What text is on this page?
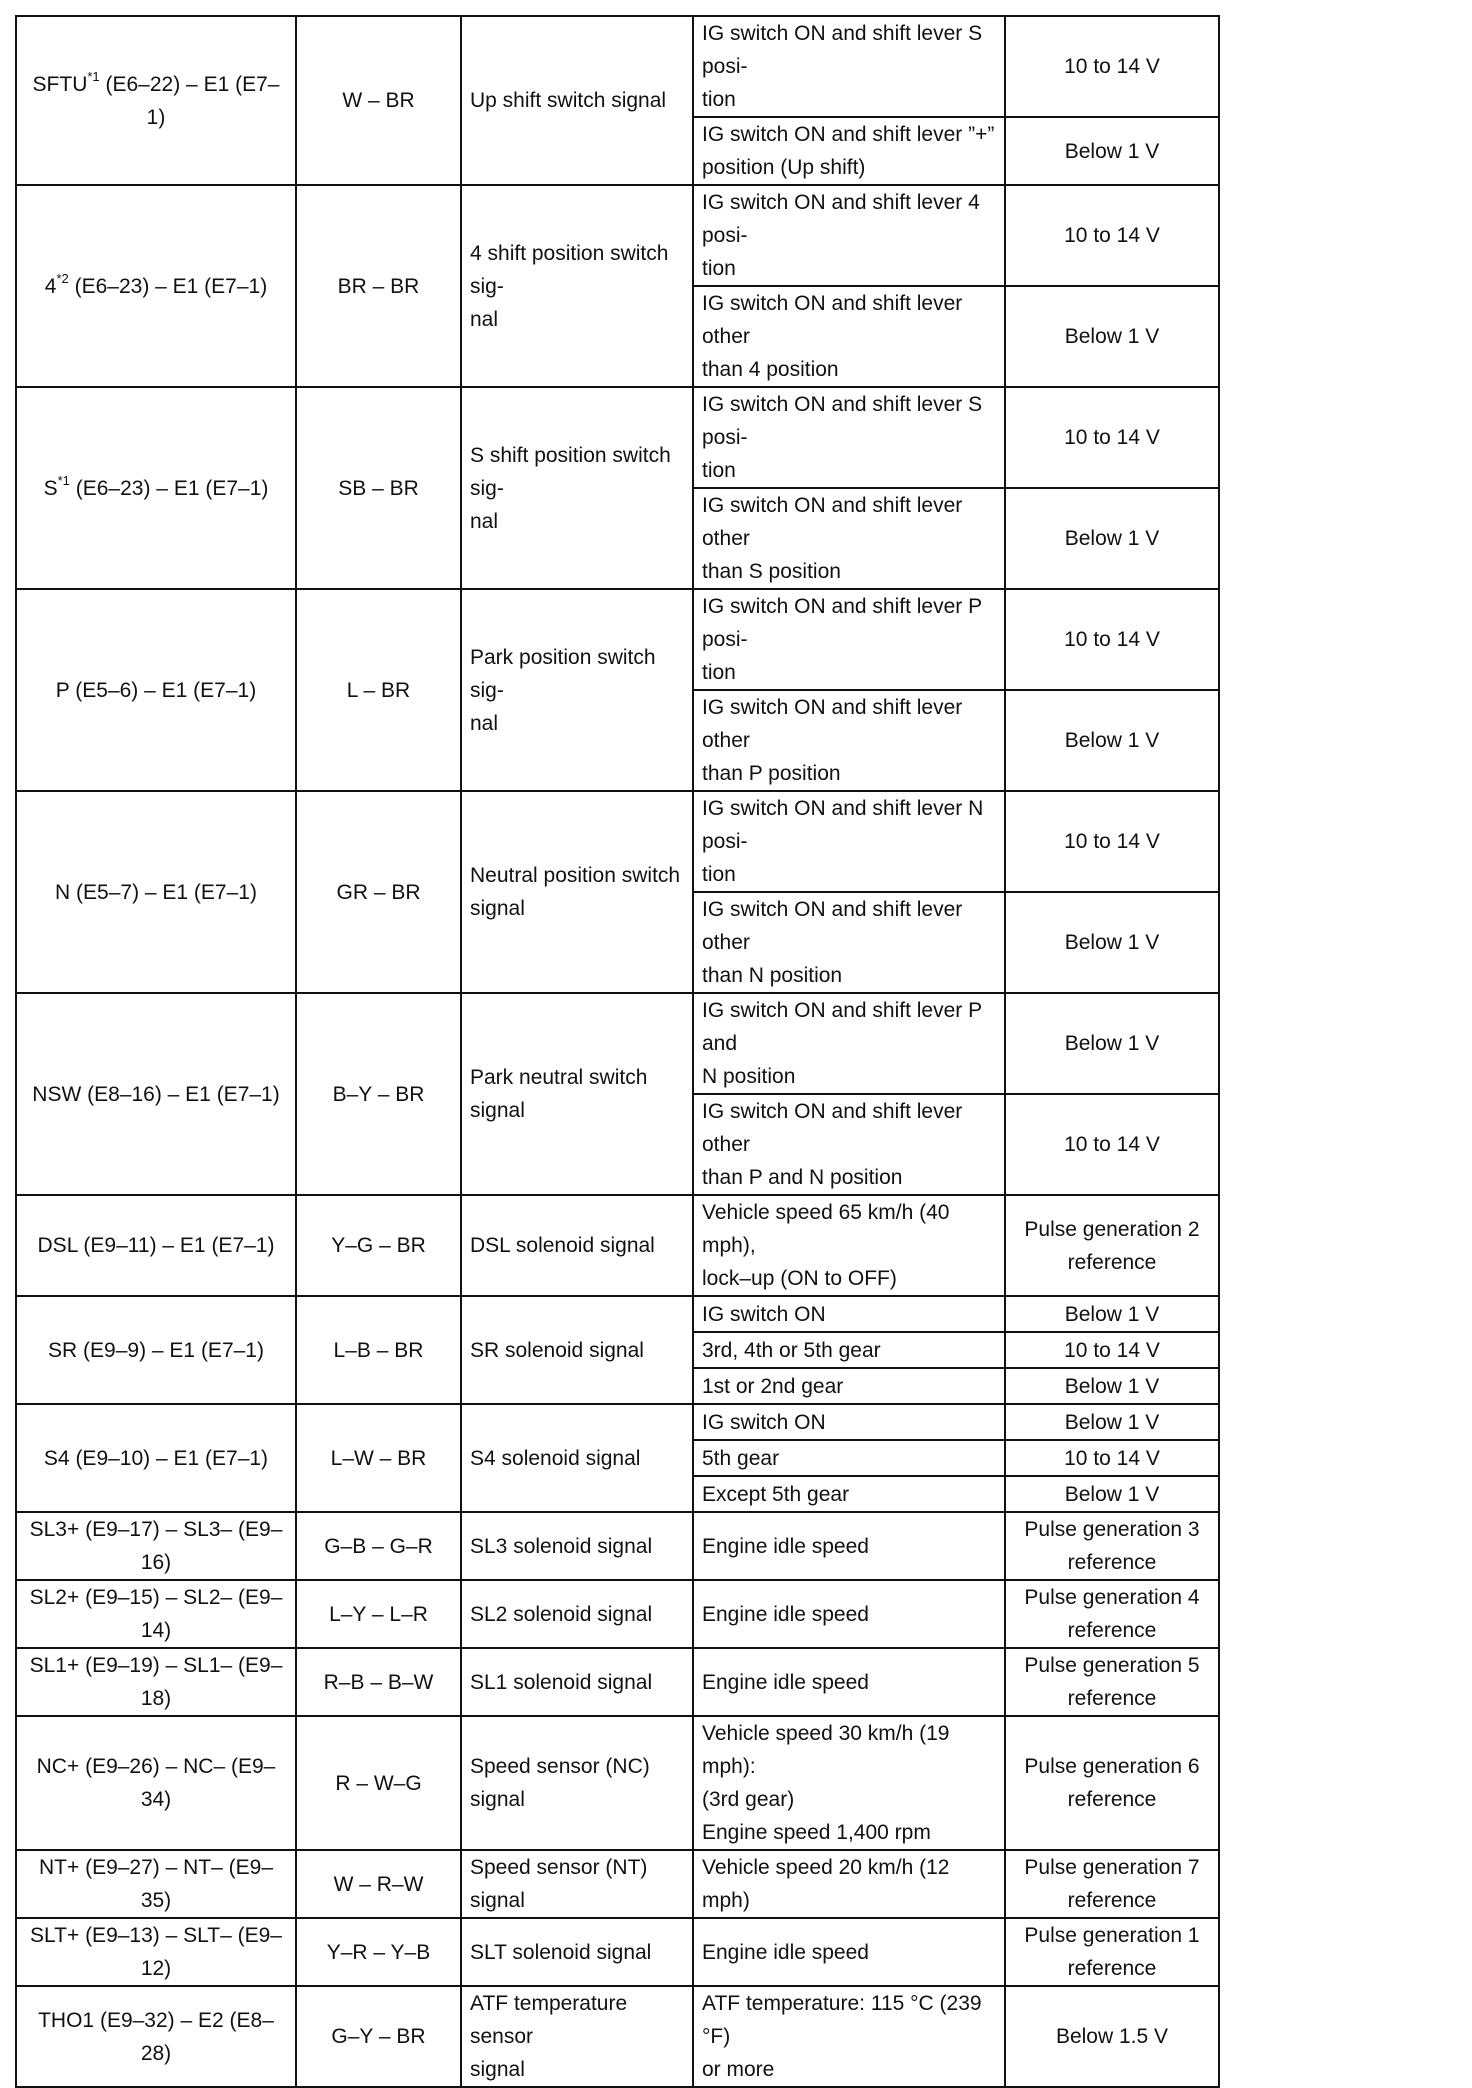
SFTU$^{*1}$ (E6–22) – E1 (E7–1)	W – BR	Up shift switch signal	IG switch ON and shift lever S posi-
tion	10 to 14 V

			IG switch ON and shift lever ”+”
position (Up shift)	Below 1 V

4$^{*2}$ (E6–23) – E1 (E7–1)	BR – BR	4 shift position switch sig-
nal	IG switch ON and shift lever 4 posi-
tion	10 to 14 V

			IG switch ON and shift lever other
than 4 position	Below 1 V

$S^{*1}$ (E6–23) – E1 (E7–1)	SB – BR	S shift position switch sig-
nal	IG switch ON and shift lever S posi-
tion	10 to 14 V

			IG switch ON and shift lever other
than S position	Below 1 V

P (E5–6) – E1 (E7–1)	L – BR	Park position switch sig-
nal	IG switch ON and shift lever P posi-
tion	10 to 14 V

			IG switch ON and shift lever other
than P position	Below 1 V

N (E5–7) – E1 (E7–1)	GR – BR	Neutral position switch
signal	IG switch ON and shift lever N posi-
tion	10 to 14 V

			IG switch ON and shift lever other
than N position	Below 1 V

NSW (E8–16) – E1 (E7–1)	B–Y – BR	Park neutral switch signal	IG switch ON and shift lever P and
N position	Below 1 V

			IG switch ON and shift lever other
than P and N position	10 to 14 V

DSL (E9–11) – E1 (E7–1)	Y–G – BR	DSL solenoid signal	Vehicle speed 65 km/h (40 mph),
lock–up (ON to OFF)	Pulse generation 2
reference

SR (E9–9) – E1 (E7–1)	L–B – BR	SR solenoid signal	IG switch ON	Below 1 V

			3rd, 4th or 5th gear	10 to 14 V

			1st or 2nd gear	Below 1 V

S4 (E9–10) – E1 (E7–1)	L–W – BR	S4 solenoid signal	IG switch ON	Below 1 V

			5th gear	10 to 14 V

			Except 5th gear	Below 1 V

SL3+ (E9–17) – SL3– (E9–16)	G–B – G–R	SL3 solenoid signal	Engine idle speed	Pulse generation 3
reference

SL2+ (E9–15) – SL2– (E9–14)	L–Y – L–R	SL2 solenoid signal	Engine idle speed	Pulse generation 4
reference

SL1+ (E9–19) – SL1– (E9–18)	R–B – B–W	SL1 solenoid signal	Engine idle speed	Pulse generation 5
reference

NC+ (E9–26) – NC– (E9–34)	R – W–G	Speed sensor (NC) signal	Vehicle speed 30 km/h (19 mph):
(3rd gear)
Engine speed 1,400 rpm	Pulse generation 6
reference

NT+ (E9–27) – NT– (E9–35)	W – R–W	Speed sensor (NT) signal	Vehicle speed 20 km/h (12 mph)	Pulse generation 7
reference

SLT+ (E9–13) – SLT– (E9–12)	Y–R – Y–B	SLT solenoid signal	Engine idle speed	Pulse generation 1
reference

THO1 (E9–32) – E2 (E8–28)	G–Y – BR	ATF temperature sensor
signal	ATF temperature: 115 °C (239 °F)
or more	Below 1.5 V
